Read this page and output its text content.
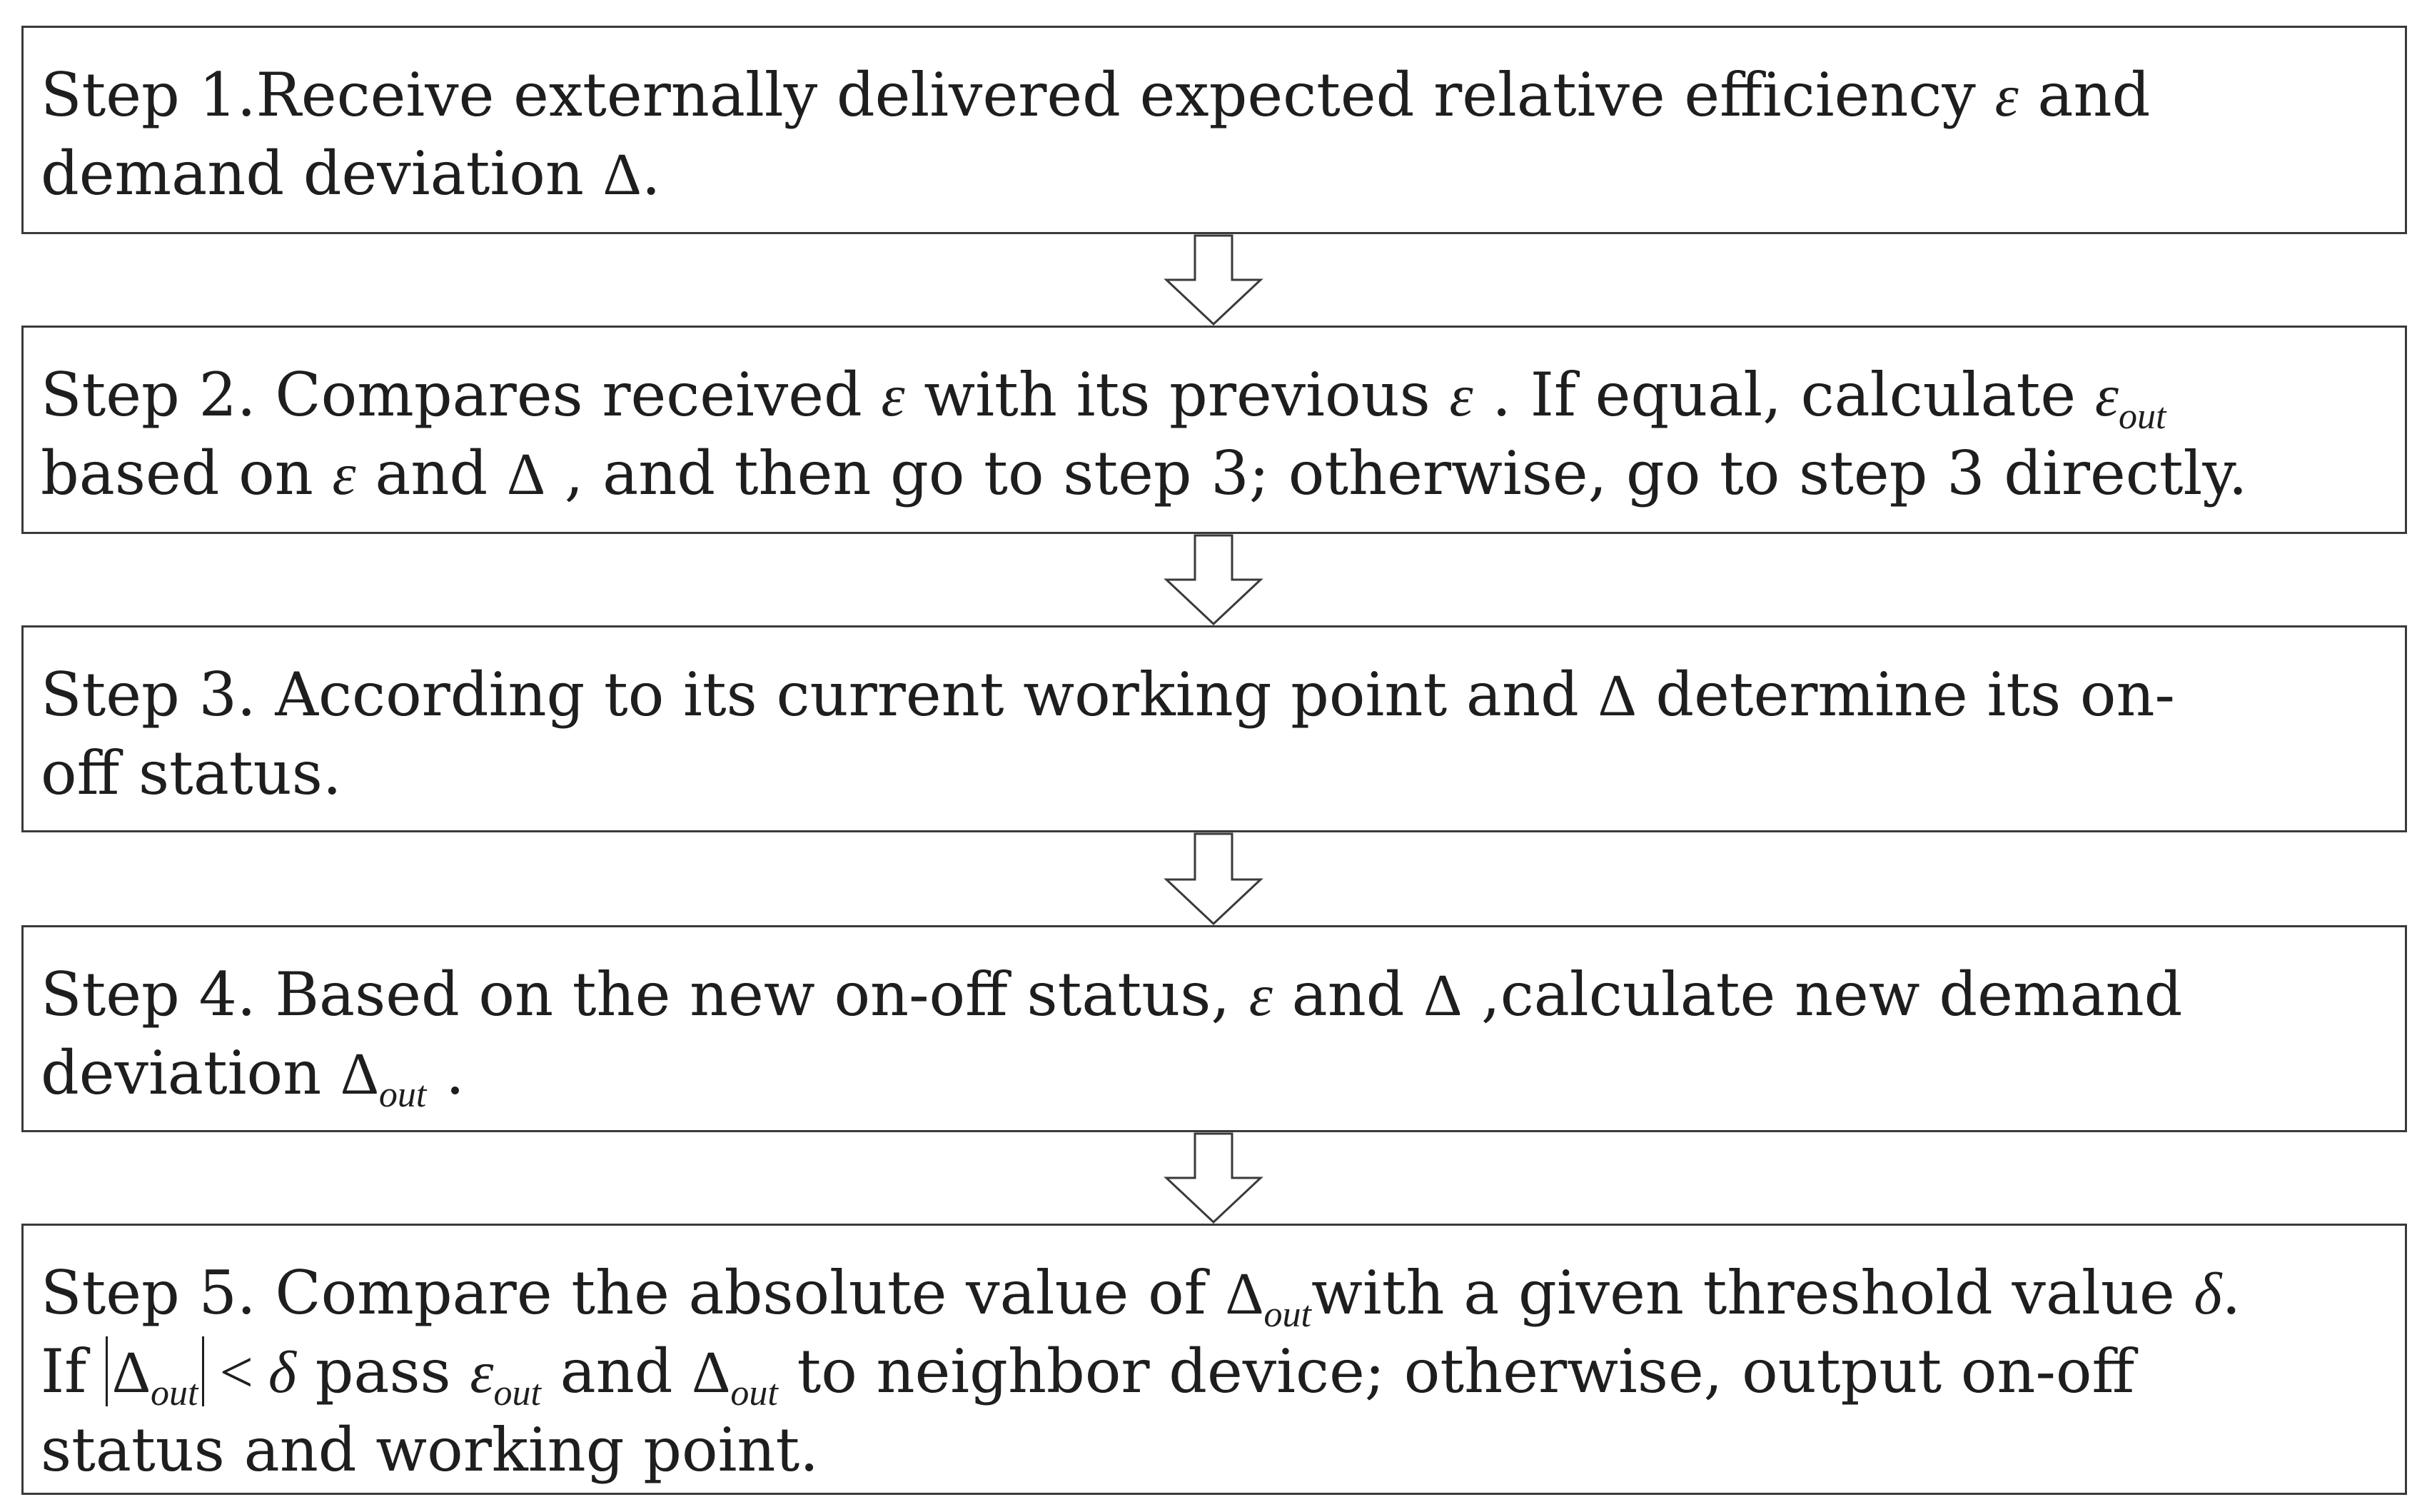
Step 1.Receive externally delivered expected relative efficiency ε and
demand deviation Δ.
Step 2. Compares received ε with its previous ε . If equal, calculate $\varepsilon_{out}$
based on ε and Δ , and then go to step 3; otherwise, go to step 3 directly.
Step 3. According to its current working point and Δ determine its on-
off status.
Step 4. Based on the new on-off status, ε and Δ ,calculate new demand
deviation $\Delta_{out}$ .
Step 5. Compare the absolute value of $\Delta_{out}with$ a given threshold value δ.
If $\Delta_{out} < \delta$ pass $\varepsilon_{out}$ and $\Delta_{out}$ to neighbor device; otherwise, output on-off
status and working point.
